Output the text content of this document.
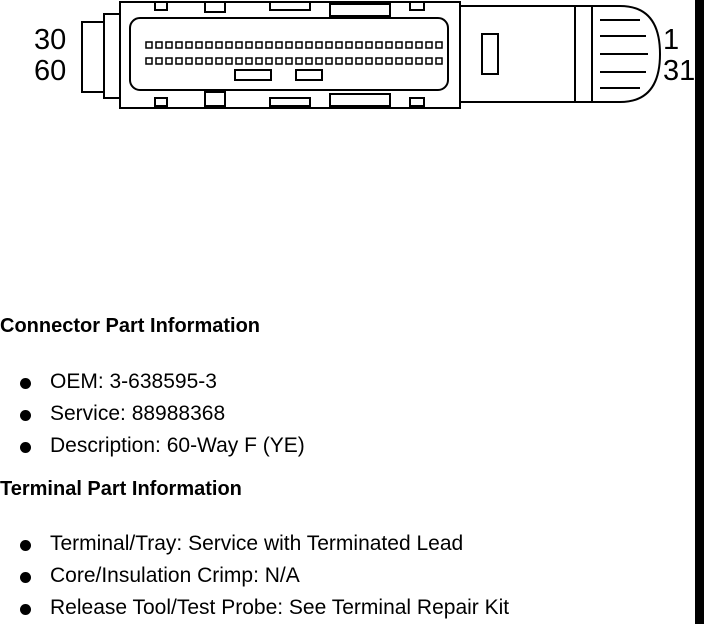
30
60
1
31
Connector Part Information
OEM: 3-638595-3
Service: 88988368
Description: 60-Way F (YE)
Terminal Part Information
Terminal/Tray: Service with Terminated Lead
Core/Insulation Crimp: N/A
Release Tool/Test Probe: See Terminal Repair Kit
